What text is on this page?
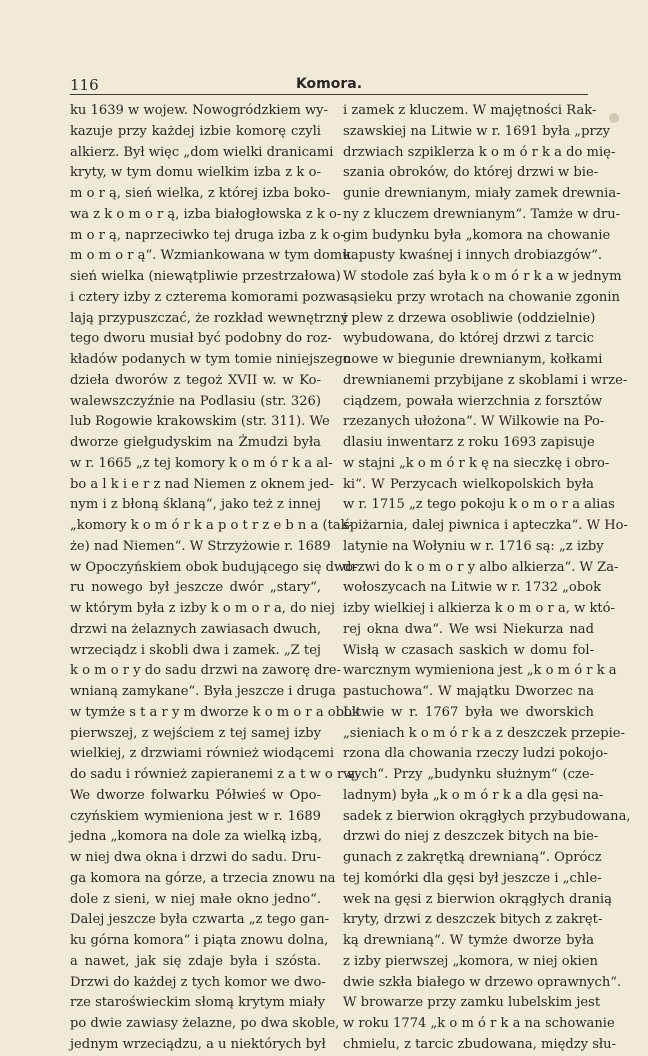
116	Komora.
ku 1639 w wojew. Nowogródzkiem wy-
kazuje przy każdej izbie komorę czyli
alkierz. Był więc „dom wielki dranicami
kryty, w tym domu wielkim izba z k o-
m o r ą, sień wielka, z której izba boko-
wa z k o m o r ą, izba białogłowska z k o-
m o r ą, naprzeciwko tej druga izba z k o-
m o m o r ą“. Wzmiankowana w tym domu
sień wielka (niewątpliwie przestrzałowa)
i cztery izby z czterema komorami pozwa-
lają przypuszczać, że rozkład wewnętrzny
tego dworu musiał być podobny do roz-
kładów podanych w tym tomie niniejszego
dzieła dworów z tegoż XVII w. w Ko-
walewszczyźnie na Podlasiu (str. 326)
lub Rogowie krakowskim (str. 311). We
dworze giełgudyskim na Żmudzi była
w r. 1665 „z tej komory k o m ó r k a al-
bo a l k i e r z nad Niemen z oknem jed-
nym i z błoną śklaną“, jako też z innej
„komory k o m ó r k a p o t r z e b n a (tak-
że) nad Niemen“. W Strzyżowie r. 1689
w Opoczyńskiem obok budującego się dwo-
ru nowego był jeszcze dwór „stary“,
w którym była z izby k o m o r a, do niej
drzwi na żelaznych zawiasach dwuch,
wrzeciądz i skobli dwa i zamek. „Z tej
k o m o r y do sadu drzwi na zaworę dre-
wnianą zamykane“. Była jeszcze i druga
w tymże s t a r y m dworze k o m o r a obok
pierwszej, z wejściem z tej samej izby
wielkiej, z drzwiami również wiodącemi
do sadu i również zapieranemi z a t w o r ą.
We dworze folwarku Półwieś w Opo-
czyńskiem wymieniona jest w r. 1689
jedna „komora na dole za wielką izbą,
w niej dwa okna i drzwi do sadu. Dru-
ga komora na górze, a trzecia znowu na
dole z sieni, w niej małe okno jedno“.
Dalej jeszcze była czwarta „z tego gan-
ku górna komora“ i piąta znowu dolna,
a nawet, jak się zdaje była i szósta.
Drzwi do każdej z tych komor we dwo-
rze staroświeckim słomą krytym miały
po dwie zawiasy żelazne, po dwa skoble,
jednym wrzeciądzu, a u niektórych był
i zamek z kluczem. W majętności Rak-
szawskiej na Litwie w r. 1691 była „przy
drzwiach szpiklerza k o m ó r k a do mię-
szania obroków, do której drzwi w bie-
gunie drewnianym, miały zamek drewnia-
ny z kluczem drewnianym“. Tamże w dru-
gim budynku była „komora na chowanie
kapusty kwaśnej i innych drobiazgów“.
W stodole zaś była k o m ó r k a w jednym
sąsieku przy wrotach na chowanie zgonin
i plew z drzewa osobliwie (oddzielnie)
wybudowana, do której drzwi z tarcic
nowe w biegunie drewnianym, kołkami
drewnianemi przybijane z skoblami i wrze-
ciądzem, powała wierzchnia z forsztów
rzezanych ułożona“. W Wilkowie na Po-
dlasiu inwentarz z roku 1693 zapisuje
w stajni „k o m ó r k ę na sieczkę i obro-
ki“. W Perzycach wielkopolskich była
w r. 1715 „z tego pokoju k o m o r a alias
śpiżarnia, dalej piwnica i apteczka“. W Ho-
latynie na Wołyniu w r. 1716 są: „z izby
drzwi do k o m o r y albo alkierza“. W Za-
wołoszycach na Litwie w r. 1732 „obok
izby wielkiej i alkierza k o m o r a, w któ-
rej okna dwa“. We wsi Niekurza nad
Wisłą w czasach saskich w domu fol-
warcznym wymieniona jest „k o m ó r k a
pastuchowa“. W majątku Dworzec na
Litwie w r. 1767 była we dworskich
„sieniach k o m ó r k a z deszczek przepie-
rzona dla chowania rzeczy ludzi pokojo-
wych“. Przy „budynku służnym“ (cze-
ladnym) była „k o m ó r k a dla gęsi na-
sadek z bierwion okrągłych przybudowana,
drzwi do niej z deszczek bitych na bie-
gunach z zakrętką drewnianą“. Oprócz
tej komórki dla gęsi był jeszcze i „chle-
wek na gęsi z bierwion okrągłych dranią
kryty, drzwi z deszczek bitych z zakręt-
ką drewnianą“. W tymże dworze była
z izby pierwszej „komora, w niej okien
dwie szkła białego w drzewo oprawnych“.
W browarze przy zamku lubelskim jest
w roku 1774 „k o m ó r k a na schowanie
chmielu, z tarcic zbudowana, między słu-
